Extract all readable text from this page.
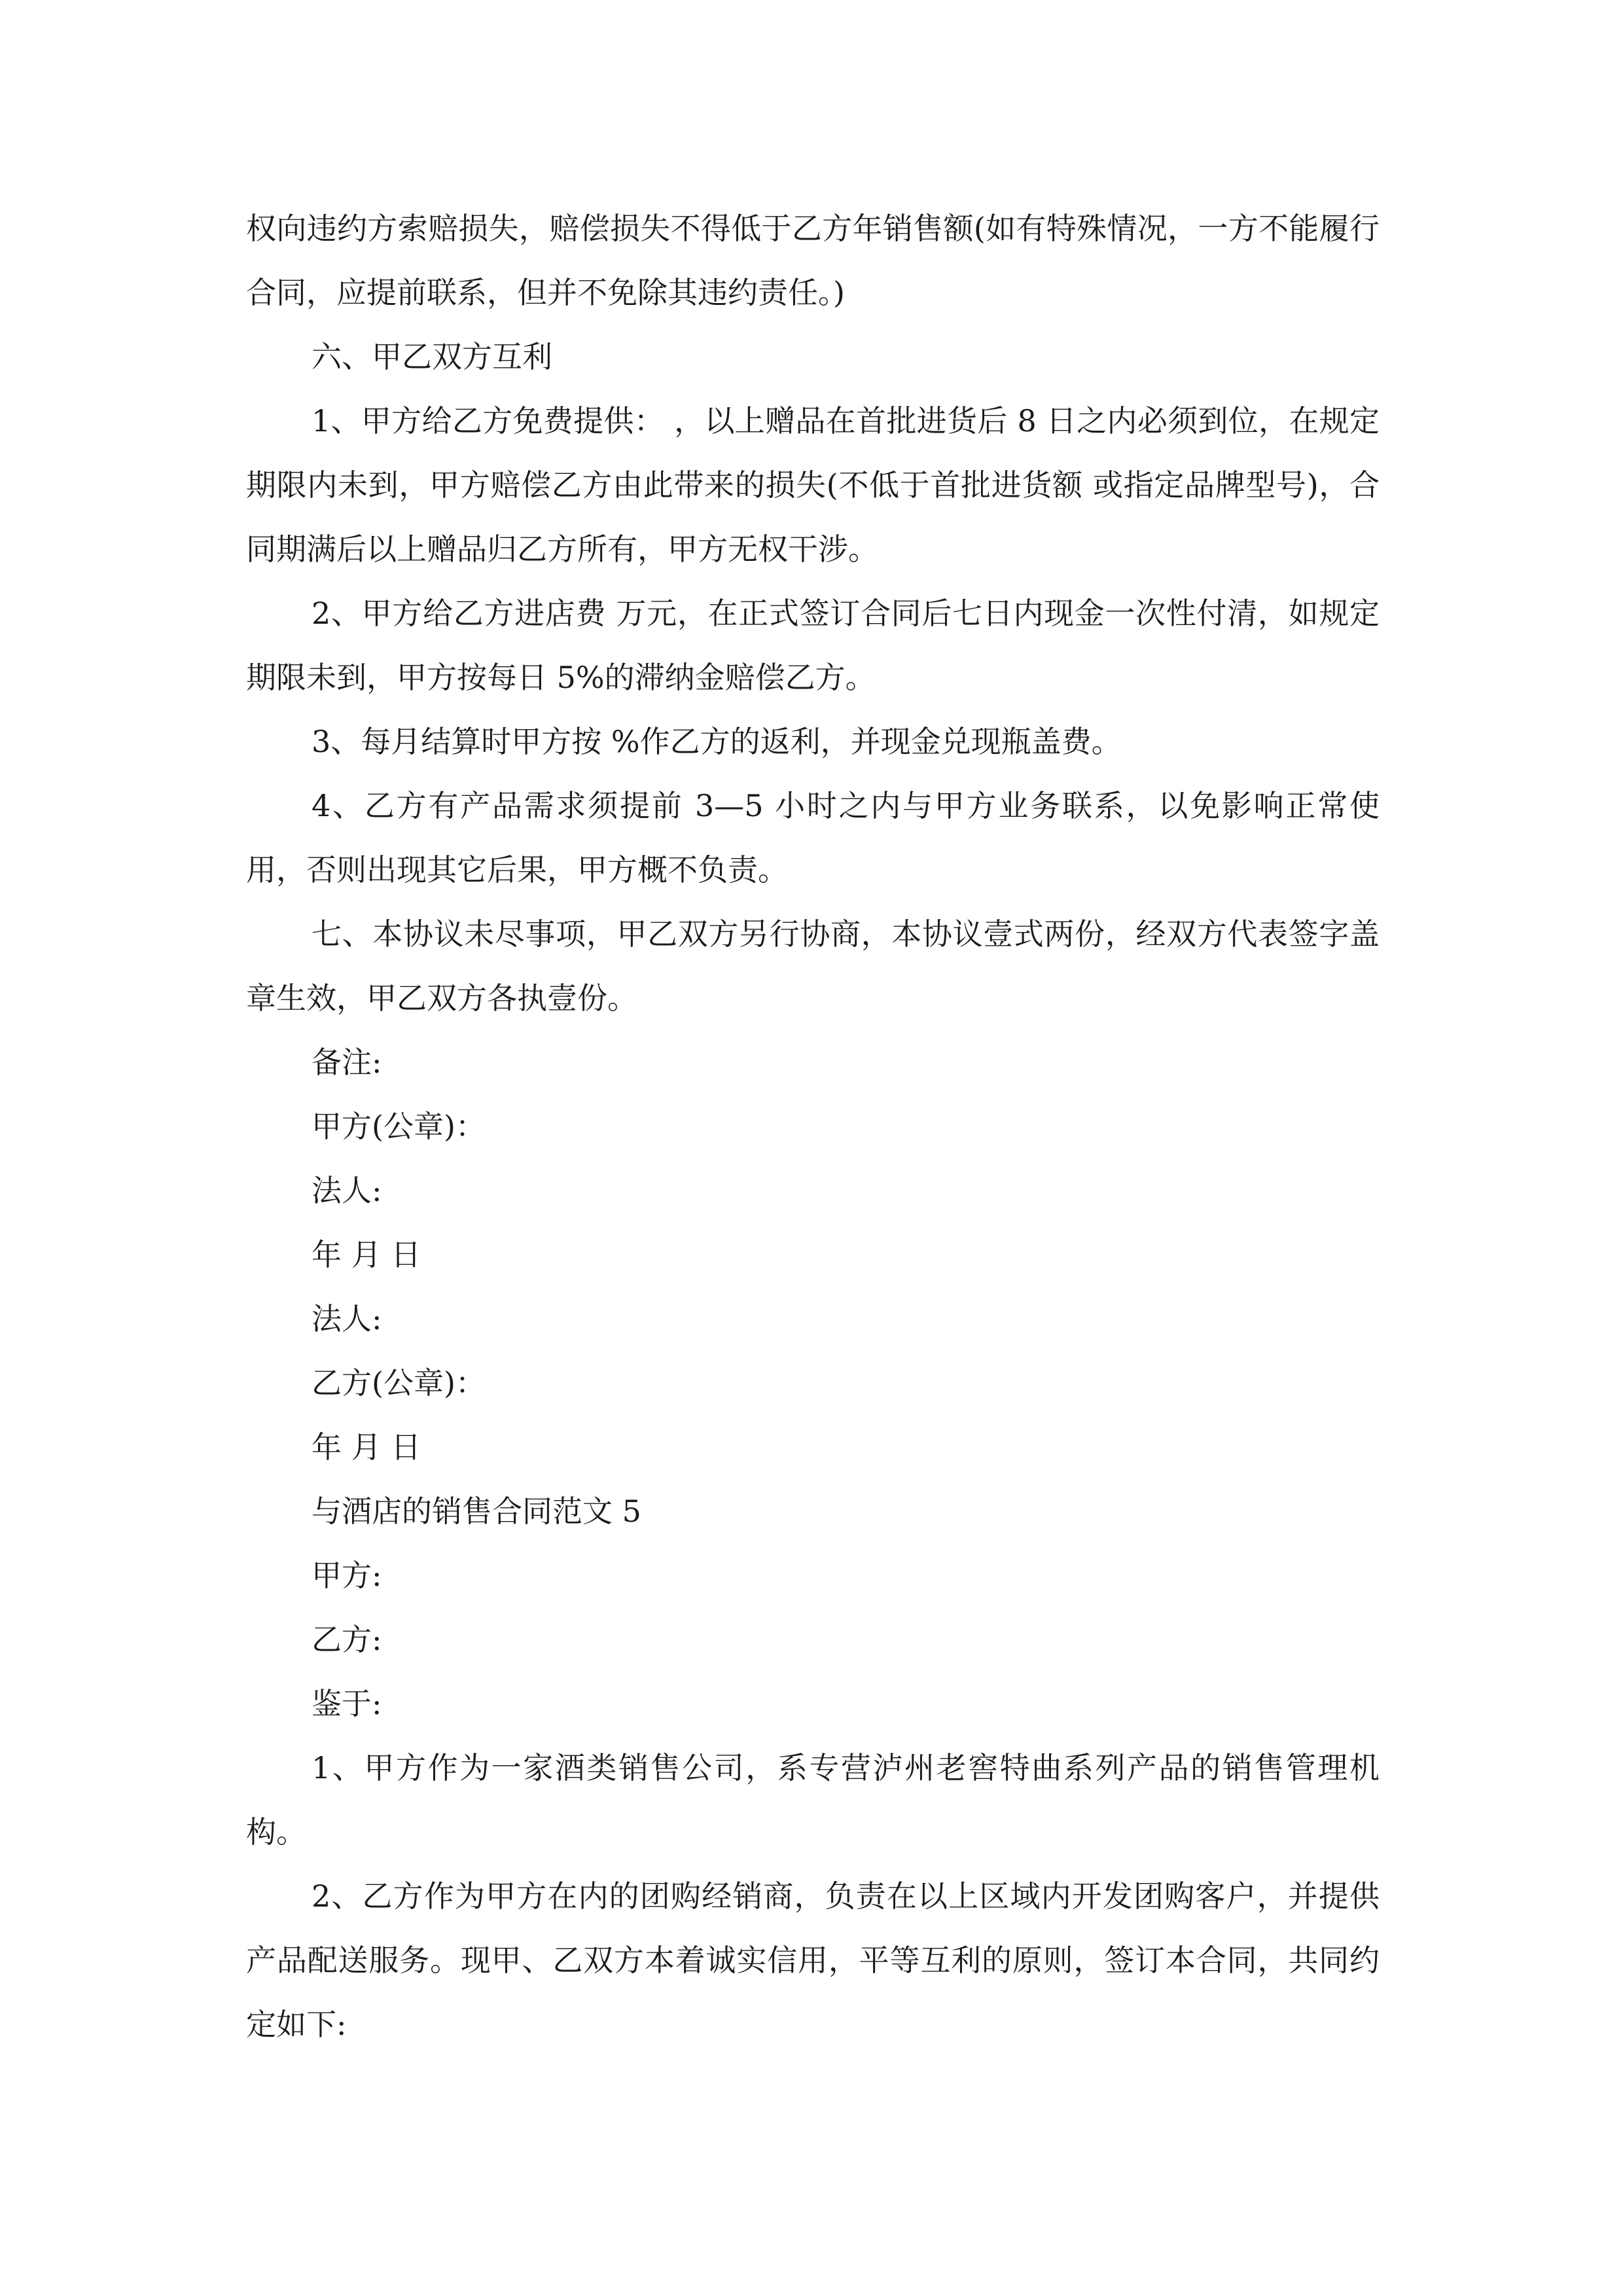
权向违约方索赔损失，赔偿损失不得低于乙方年销售额(如有特殊情况，一方不能履行合同，应提前联系，但并不免除其违约责任。)

六、甲乙双方互利

1、甲方给乙方免费提供： ，以上赠品在首批进货后 8 日之内必须到位，在规定期限内未到，甲方赔偿乙方由此带来的损失(不低于首批进货额 或指定品牌型号)，合同期满后以上赠品归乙方所有，甲方无权干涉。

2、甲方给乙方进店费 万元，在正式签订合同后七日内现金一次性付清，如规定期限未到，甲方按每日 5%的滞纳金赔偿乙方。

3、每月结算时甲方按 %作乙方的返利，并现金兑现瓶盖费。

4、乙方有产品需求须提前 3—5 小时之内与甲方业务联系，以免影响正常使用，否则出现其它后果，甲方概不负责。

七、本协议未尽事项，甲乙双方另行协商，本协议壹式两份，经双方代表签字盖章生效，甲乙双方各执壹份。

备注:

甲方(公章)：

法人:

年 月 日

法人:

乙方(公章)：

年 月 日

与酒店的销售合同范文 5

甲方:

乙方:

鉴于:

1、甲方作为一家酒类销售公司，系专营泸州老窖特曲系列产品的销售管理机构。

2、乙方作为甲方在内的团购经销商，负责在以上区域内开发团购客户，并提供产品配送服务。现甲、乙双方本着诚实信用，平等互利的原则，签订本合同，共同约定如下:
